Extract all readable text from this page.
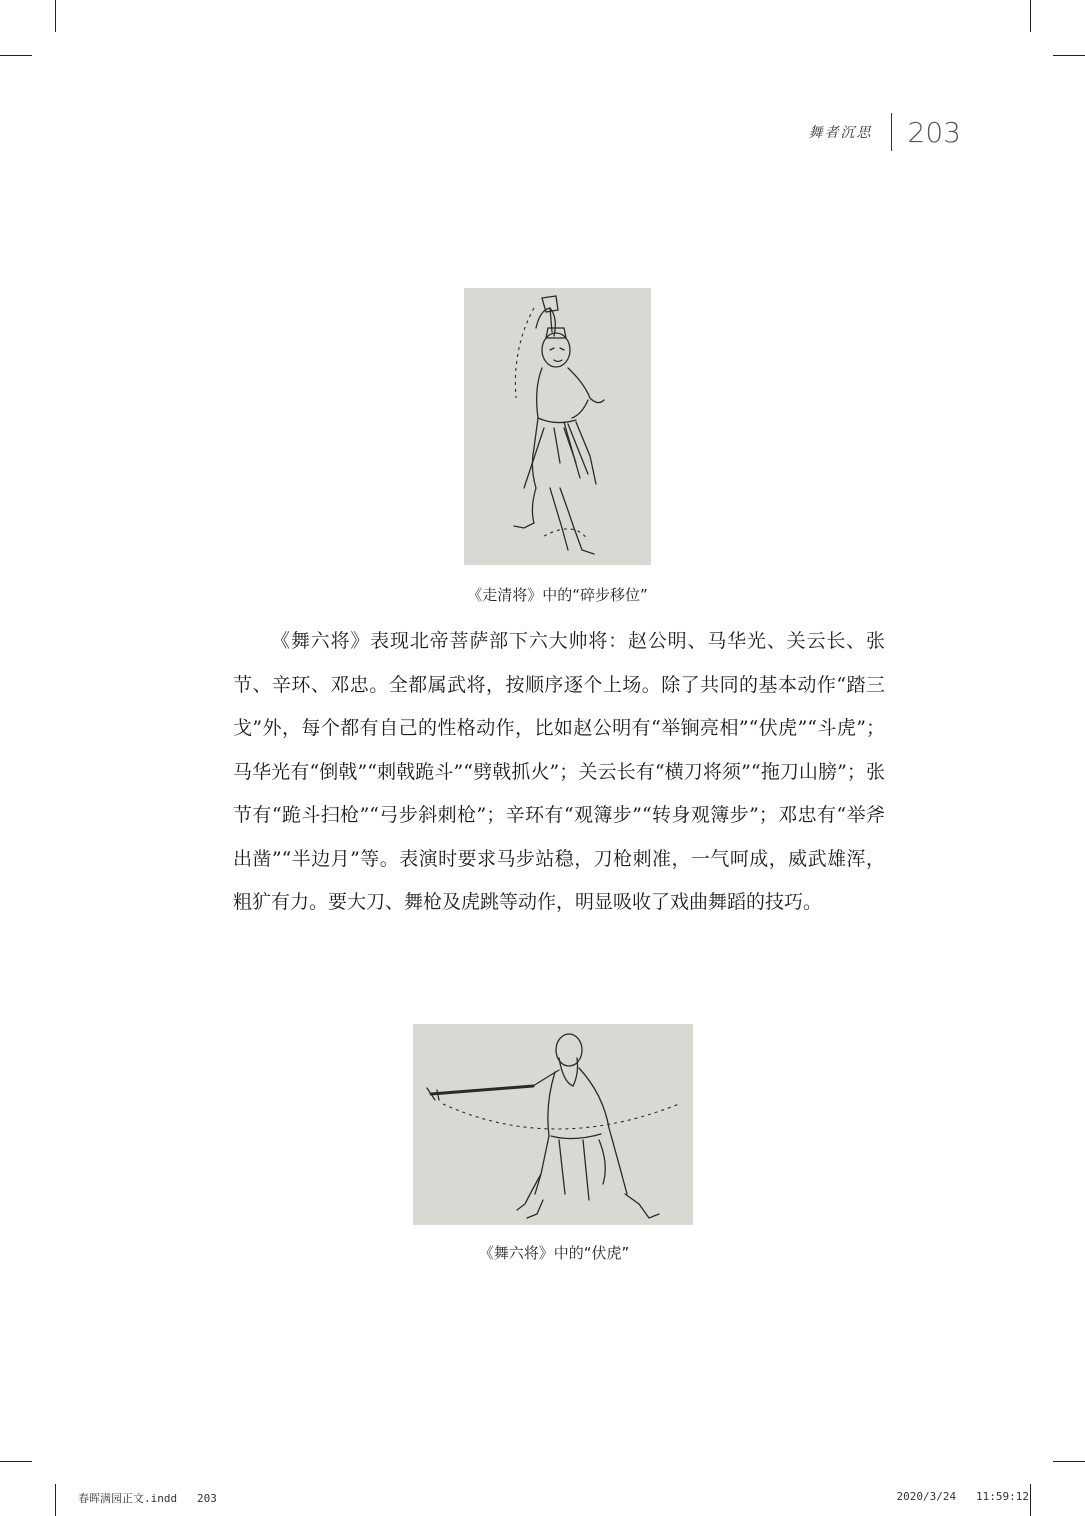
舞者沉思 203
《走清将》中的“碎步移位”

《舞六将》表现北帝菩萨部下六大帅将：赵公明、马华光、关云长、张节、辛环、邓忠。全都属武将，按顺序逐个上场。除了共同的基本动作“踏三戈”外，每个都有自己的性格动作，比如赵公明有“举锏亮相”“伏虎”“斗虎”；马华光有“倒戟”“刺戟跪斗”“劈戟抓火”；关云长有“横刀将须”“拖刀山膀”；张节有“跪斗扫枪”“弓步斜刺枪”；辛环有“观簿步”“转身观簿步”；邓忠有“举斧出凿”“半边月”等。表演时要求马步站稳，刀枪刺准，一气呵成，威武雄浑，粗犷有力。要大刀、舞枪及虎跳等动作，明显吸收了戏曲舞蹈的技巧。

《舞六将》中的“伏虎”
春晖满园正文.indd   203	2020/3/24   11:59:12
